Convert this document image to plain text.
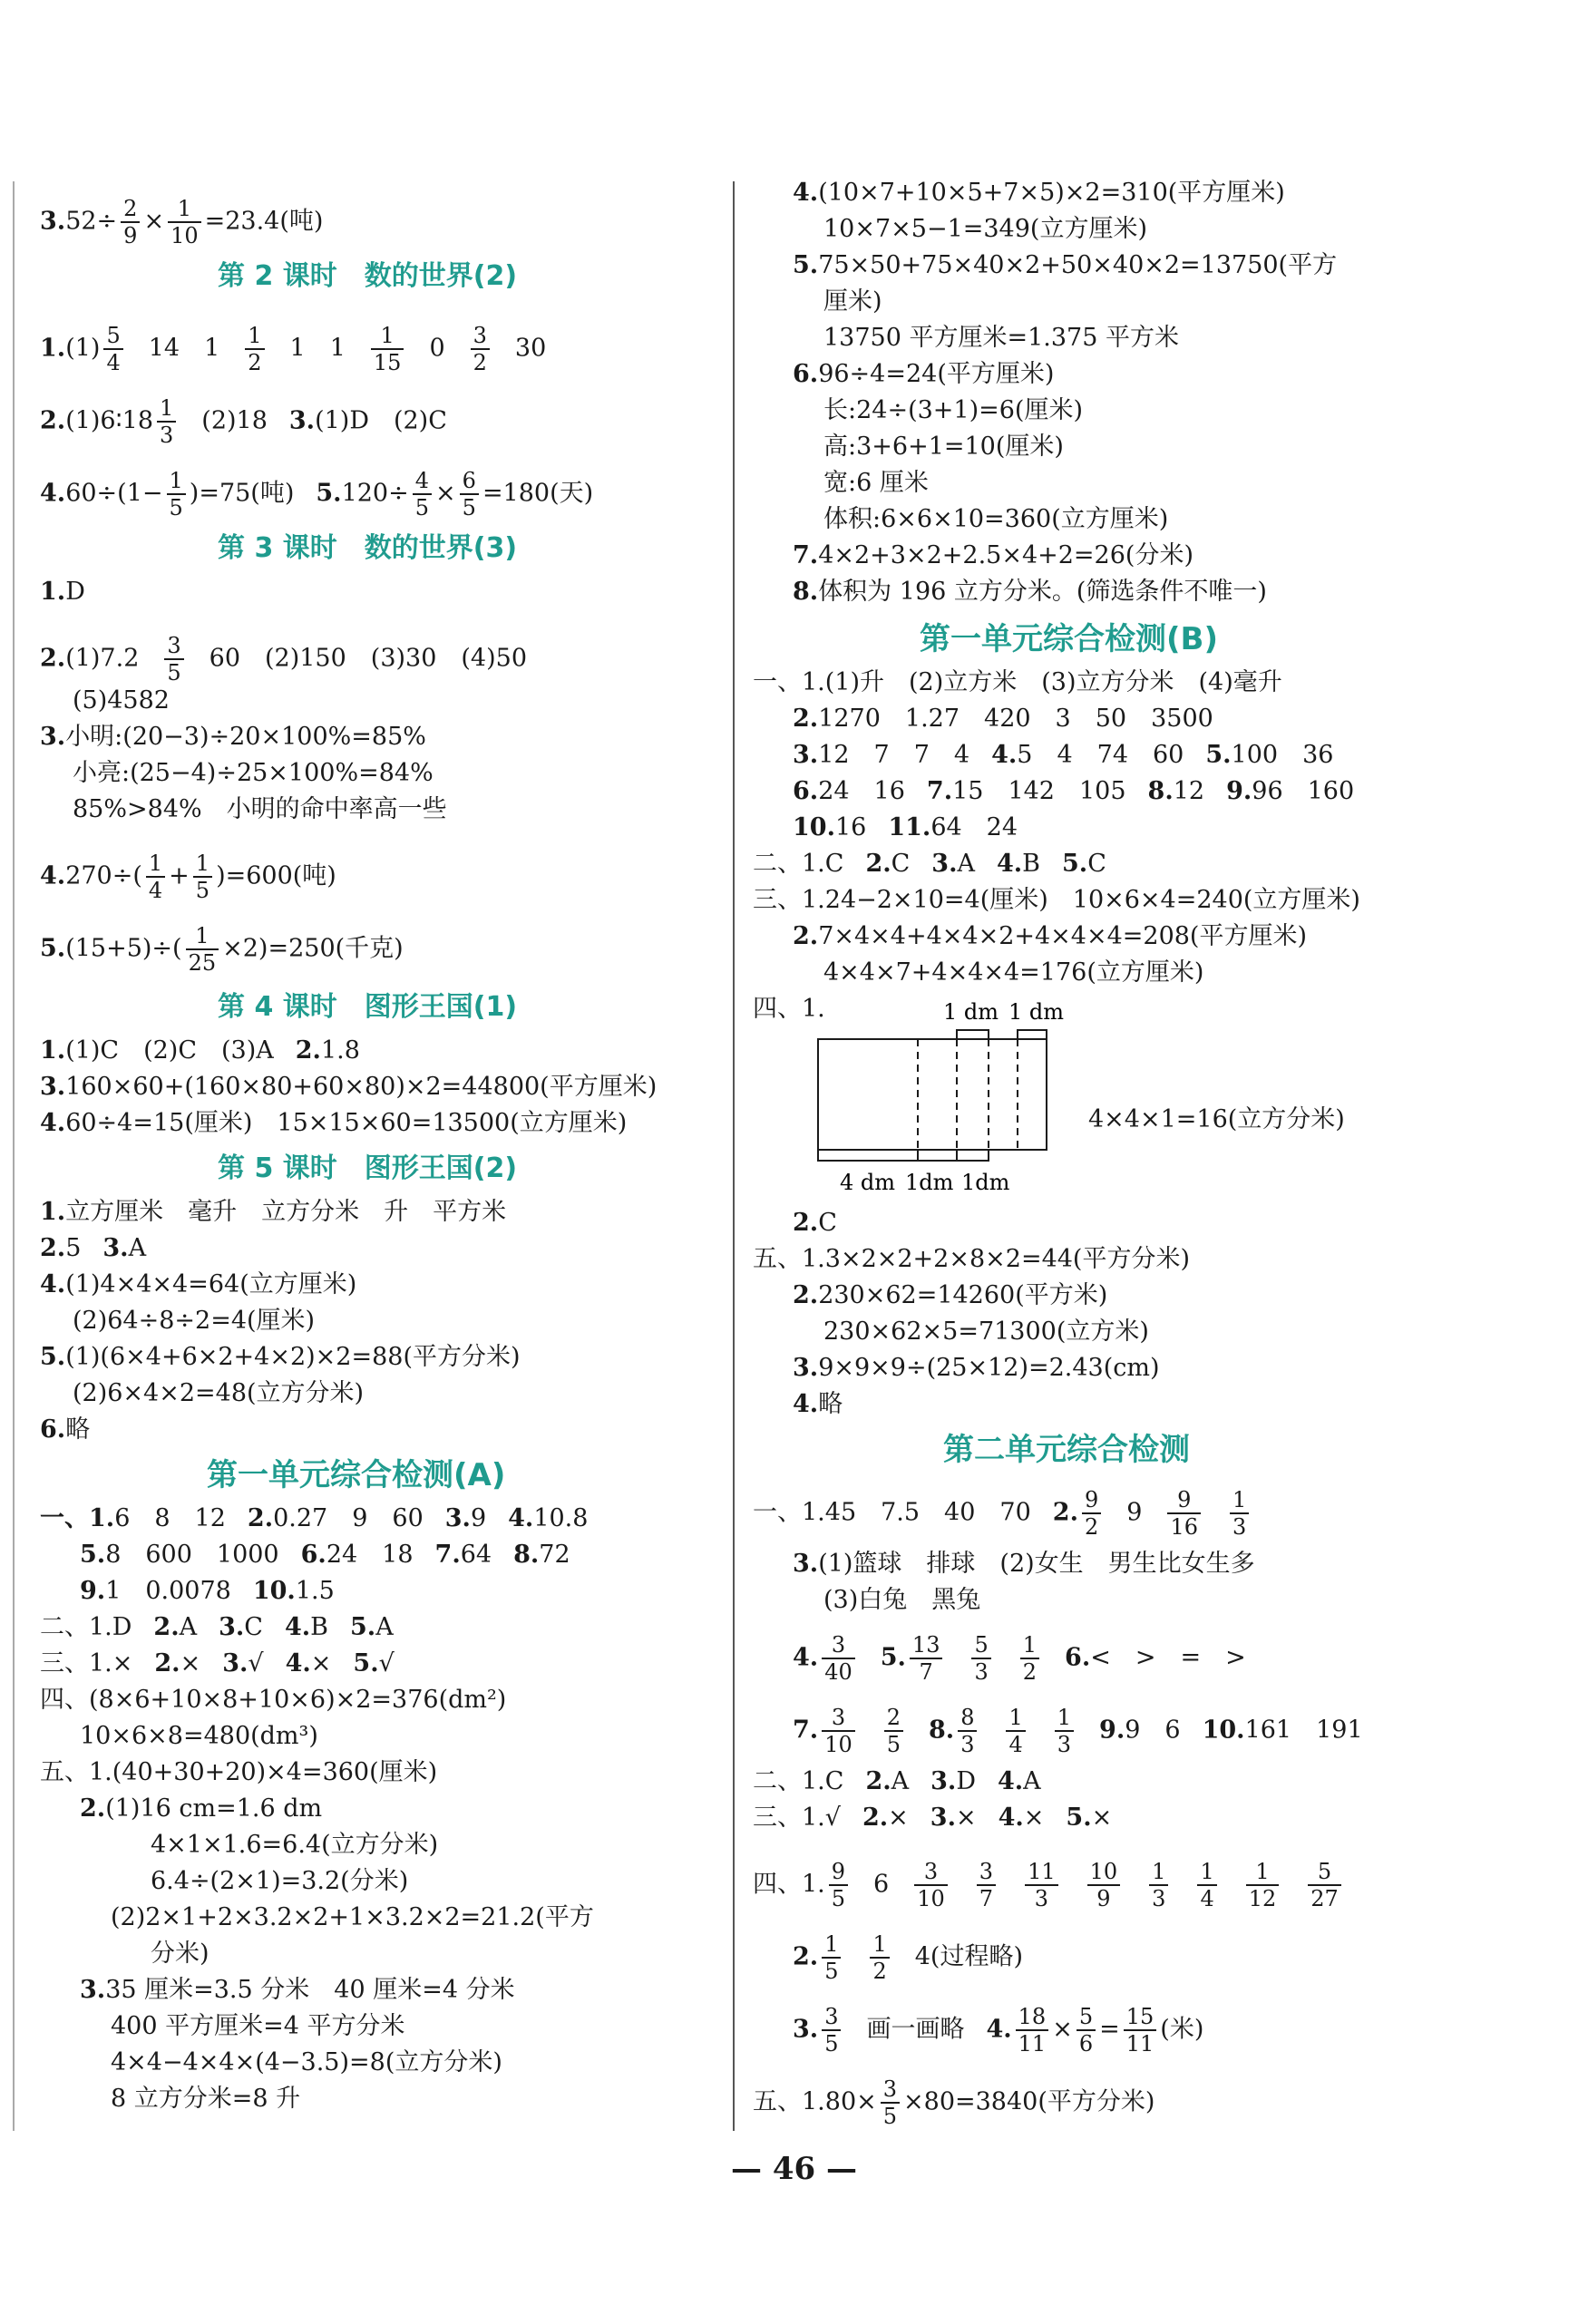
$3.52\div \frac{2}{9} \times \frac{1}{10} =23.4$(吨)
第 2 课时　数的世界(2)
$1.(1) \frac{5}{4} 14$　$1 \frac{1}{2} 1$　$1 \frac{1}{15} 0 \frac{3}{2} 30$
2.(1)6∶18 $\frac{1}{3} (2)18$ 3.(1)D　(2)C
$4.60\div(1- \frac{1}{5} )=75$(吨) $5.120\div \frac{4}{5} \times \frac{6}{5} =180$(天)
第 3 课时　数的世界(3)
1.D
$2.(1)7.2 \frac{3}{5} 60$　(2)150　(3)30　(4)50
(5)4582
3.小明:(20−3)÷20×100%=85%
小亮:(25−4)÷25×100%=84%
85%>84%　小明的命中率高一些
$4.270\div( \frac{1}{4} + \frac{1}{5} )=600$(吨)
$5.(15+5)\div( \frac{1}{25} \times 2)=250$(千克)
第 4 课时　图形王国(1)
1.(1)C　(2)C　(3)A 2.1.8
3.160×60+(160×80+60×80)×2=44800(平方厘米)
4.60÷4=15(厘米)　15×15×60=13500(立方厘米)
第 5 课时　图形王国(2)
1.立方厘米　毫升　立方分米　升　平方米
2.5 3.A
4.(1)4×4×4=64(立方厘米)
(2)64÷8÷2=4(厘米)
5.(1)(6×4+6×2+4×2)×2=88(平方分米)
(2)6×4×2=48(立方分米)
6.略
第一单元综合检测(A)
一、1.6　8　12 2.0.27　9　60 3.9 4.10.8
5.8　600　1000 6.24　18 7.64 8.72
9.1　0.0078 10.1.5
二、1.D 2.A 3.C 4.B 5.A
三、1.× 2.× 3.√ 4.× 5.√
四、(8×6+10×8+10×6)×2=376(dm²)
10×6×8=480(dm³)
五、1.(40+30+20)×4=360(厘米)
2.(1)16 cm=1.6 dm
4×1×1.6=6.4(立方分米)
6.4÷(2×1)=3.2(分米)
(2)2×1+2×3.2×2+1×3.2×2=21.2(平方
分米)
3.35 厘米=3.5 分米　40 厘米=4 分米
400 平方厘米=4 平方分米
4×4−4×4×(4−3.5)=8(立方分米)
8 立方分米=8 升
4.(10×7+10×5+7×5)×2=310(平方厘米)
10×7×5−1=349(立方厘米)
5.75×50+75×40×2+50×40×2=13750(平方
厘米)
13750 平方厘米=1.375 平方米
6.96÷4=24(平方厘米)
长:24÷(3+1)=6(厘米)
高:3+6+1=10(厘米)
宽:6 厘米
体积:6×6×10=360(立方厘米)
7.4×2+3×2+2.5×4+2=26(分米)
8.体积为 196 立方分米。(筛选条件不唯一)
第一单元综合检测(B)
一、1.(1)升　(2)立方米　(3)立方分米　(4)毫升
2.1270　1.27　420　3　50　3500
3.12　7　7　4 4.5　4　74　60 5.100　36
6.24　16 7.15　142　105 8.12 9.96　160
10.16 11.64　24
二、1.C 2.C 3.A 4.B 5.C
三、1.24−2×10=4(厘米)　10×6×4=240(立方厘米)
2.7×4×4+4×4×2+4×4×4=208(平方厘米)
4×4×7+4×4×4=176(立方厘米)
四、1.	1 dm 1 dm
4 dm 1dm 1dm
4×4×1=16(立方分米)
2.C
五、1.3×2×2+2×8×2=44(平方分米)
2.230×62=14260(平方米)
230×62×5=71300(立方米)
3.9×9×9÷(25×12)=2.43(cm)
4.略
第二单元综合检测
一、1.45　7.5　40　70 2. $\frac{9}{2} 9 \frac{9}{16} \frac{1}{3}$
3.(1)篮球　排球　(2)女生　男生比女生多
(3)白兔　黑兔
4. $\frac{3}{40} 5$. $\frac{13}{7} \frac{5}{3} \frac{1}{2} 6.<$　>　=　>
7. $\frac{3}{10} \frac{2}{5} 8$. $\frac{8}{3} \frac{1}{4} \frac{1}{3} 9.9$　6 10.161　191
二、1.C 2.A 3.D 4.A
三、1.√ 2.× 3.× 4.× 5.×
四、1. $\frac{9}{5} 6 \frac{3}{10} \frac{3}{7} \frac{11}{3} \frac{10}{9} \frac{1}{3} \frac{1}{4} \frac{1}{12} \frac{5}{27}$
2. $\frac{1}{5} \frac{1}{2} 4$(过程略)
3. $\frac{3}{5}$ 画一画略 4. $\frac{18}{11} \times \frac{5}{6} = \frac{15}{11}$ (米)
五、$1.80\times \frac{3}{5} \times 80=3840$(平方分米)
— 46 —
